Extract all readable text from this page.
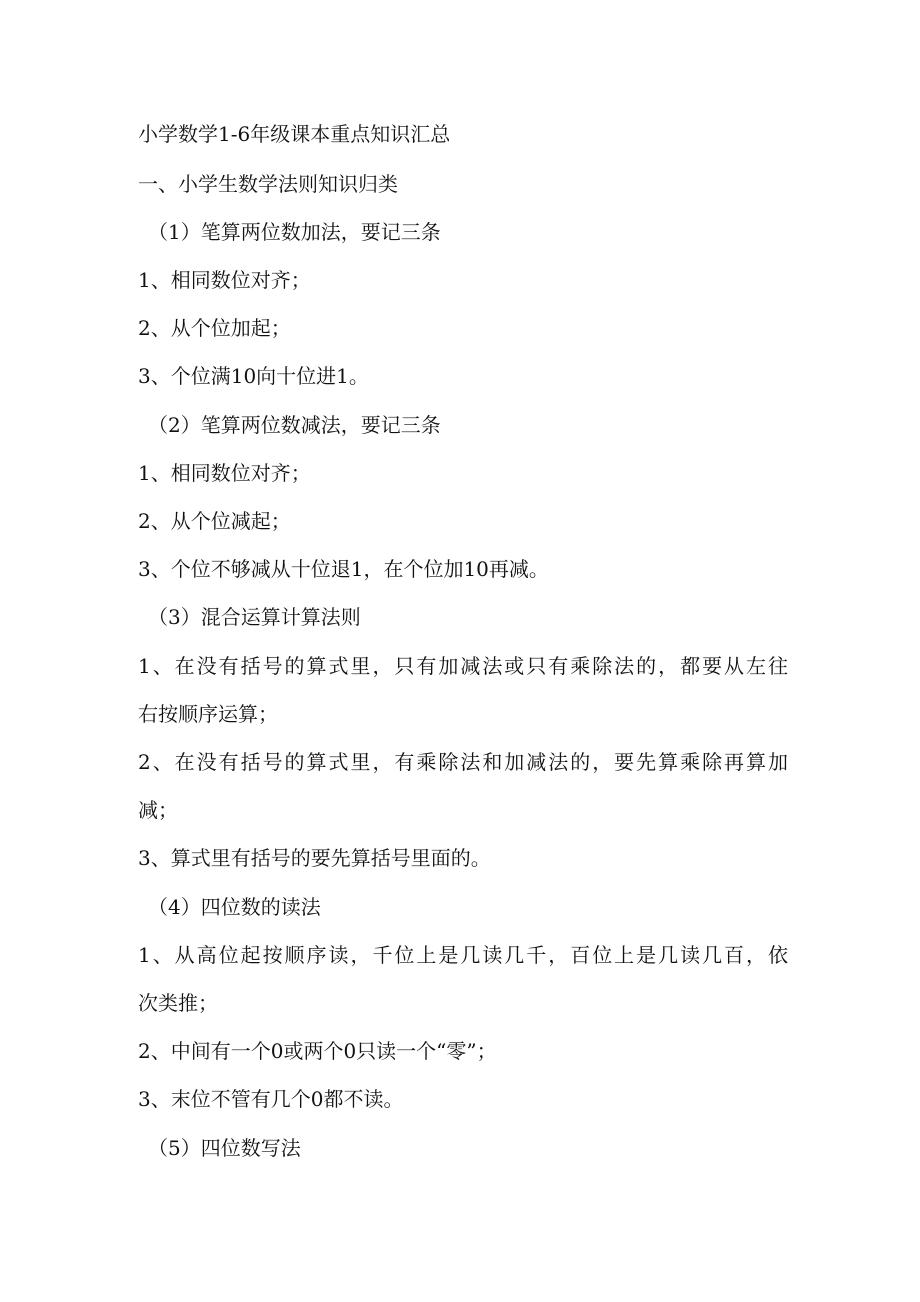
小学数学1-6年级课本重点知识汇总
一、小学生数学法则知识归类
（1）笔算两位数加法，要记三条
1、相同数位对齐；
2、从个位加起；
3、个位满10向十位进1。
（2）笔算两位数减法，要记三条
1、相同数位对齐；
2、从个位减起；
3、个位不够减从十位退1，在个位加10再减。
（3）混合运算计算法则
1、在没有括号的算式里，只有加减法或只有乘除法的，都要从左往
右按顺序运算；
2、在没有括号的算式里，有乘除法和加减法的，要先算乘除再算加
减；
3、算式里有括号的要先算括号里面的。
（4）四位数的读法
1、从高位起按顺序读，千位上是几读几千，百位上是几读几百，依
次类推；
2、中间有一个0或两个0只读一个“零”；
3、末位不管有几个0都不读。
（5）四位数写法
